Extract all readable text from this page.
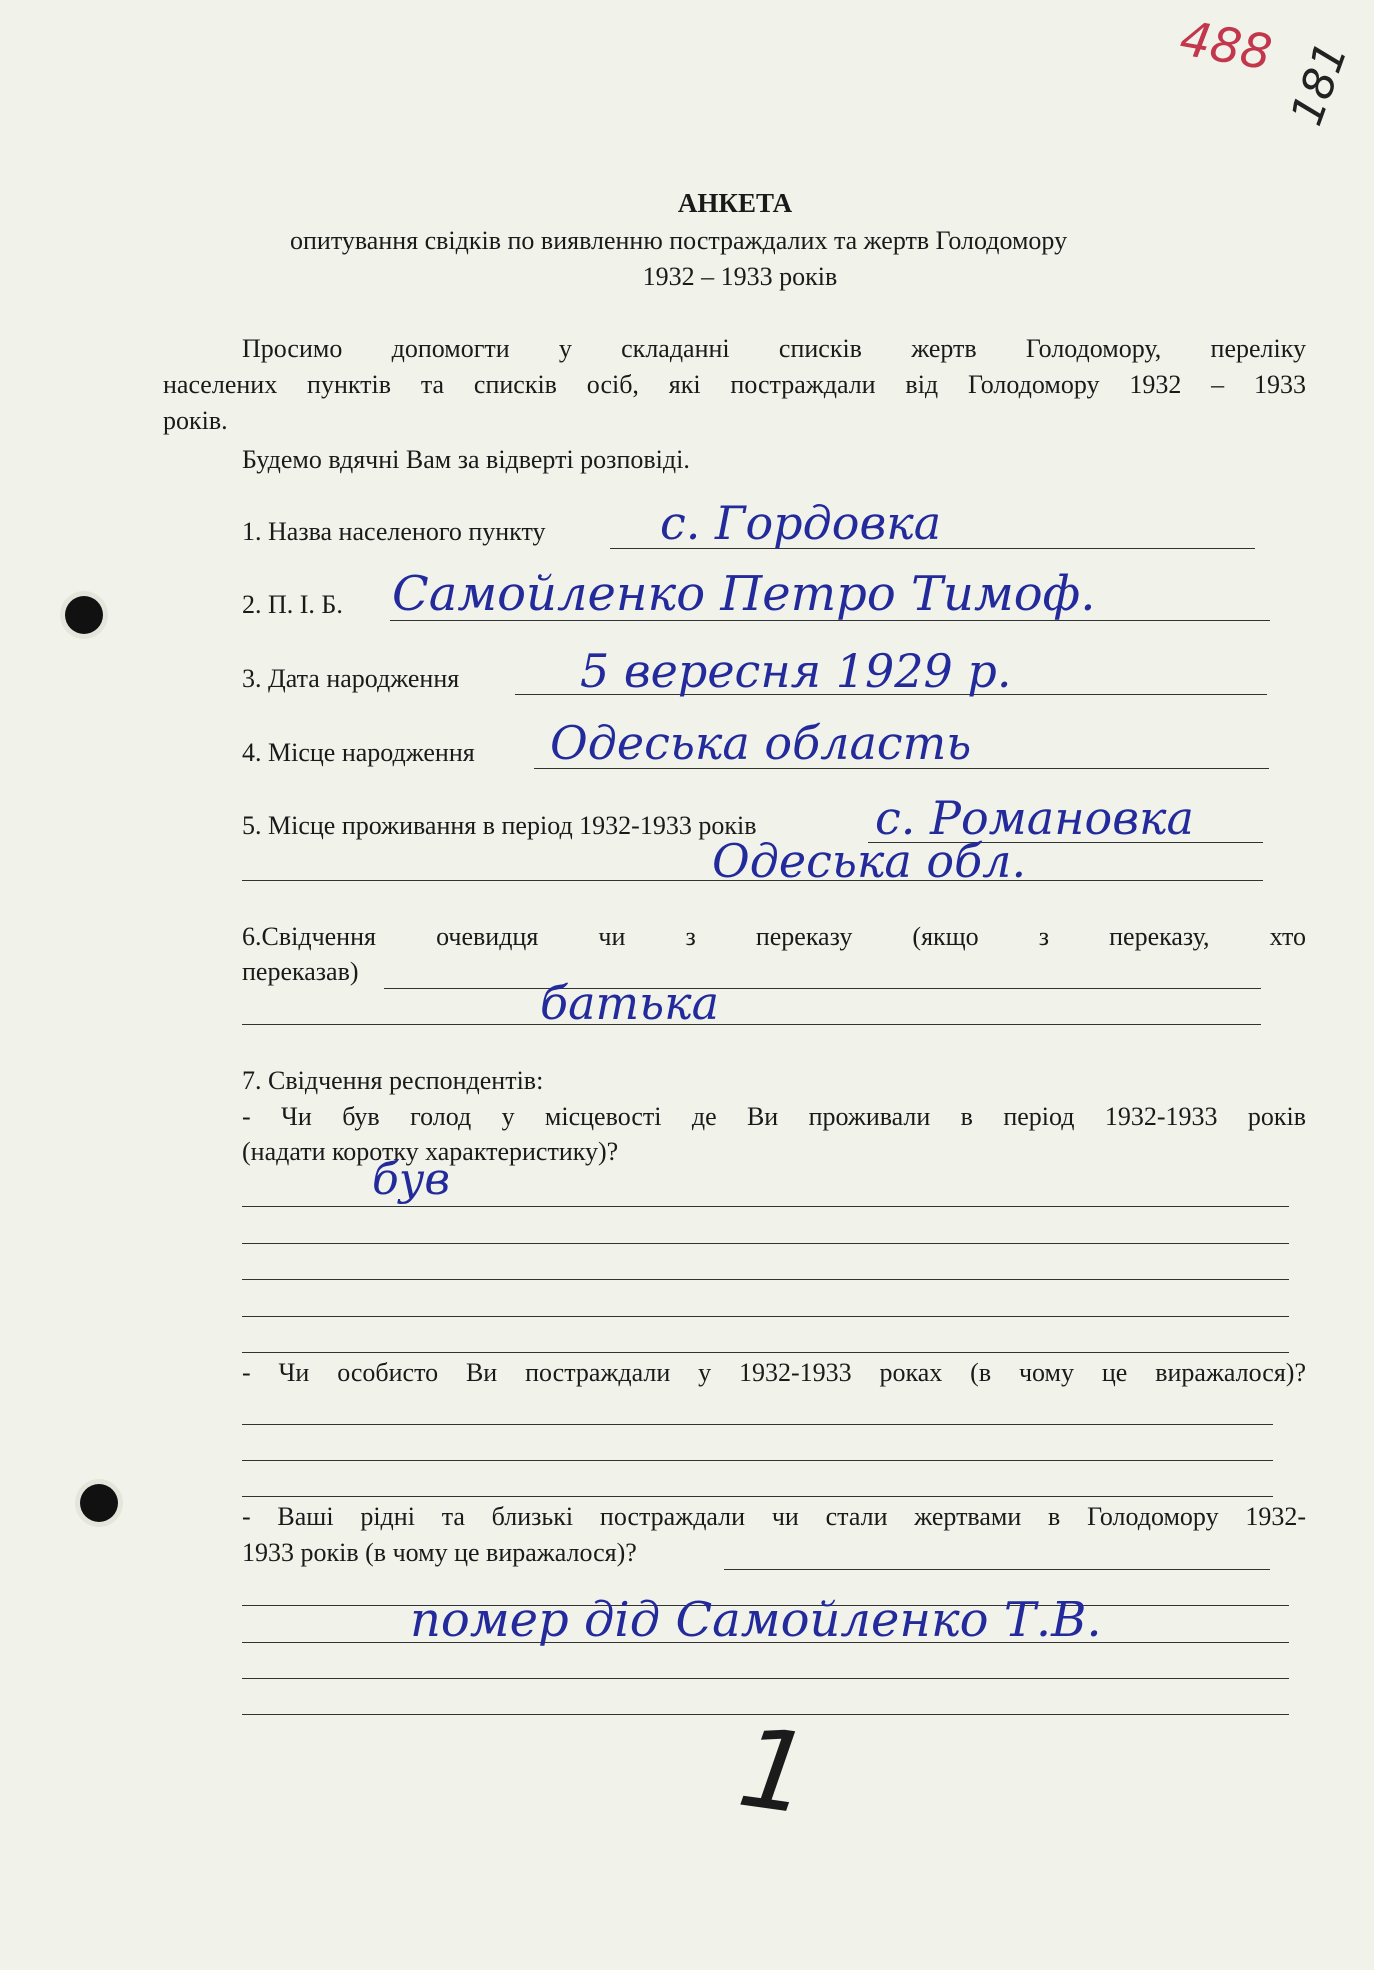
488 181
АНКЕТА
опитування свідків по виявленню постраждалих та жертв Голодомору
1932 – 1933 років
Просимо допомогти у складанні списків жертв Голодомору, переліку
населених пунктів та списків осіб, які постраждали від Голодомору 1932 – 1933
років.
Будемо вдячні Вам за відверті розповіді.
1. Назва населеного пункту с. Гордовка
2. П. І. Б. Самойленко Петро Тимоф.
3. Дата народження	5 вересня 1929 р.
4. Місце народження Одеська область
5. Місце проживання в період 1932-1933 років	с. Романовка
Одеська обл.
6.Свідчення очевидця чи з переказу (якщо з переказу, хто
переказав)
батька
7. Свідчення респондентів:
- Чи був голод у місцевості де Ви проживали в період 1932-1933 років
(надати коротку характеристику)?
був
- Чи особисто Ви постраждали у 1932-1933 роках (в чому це виражалося)?
- Ваші рідні та близькі постраждали чи стали жертвами в Голодомору 1932-
1933 років (в чому це виражалося)?
помер дід Самойленко Т.В.
1
